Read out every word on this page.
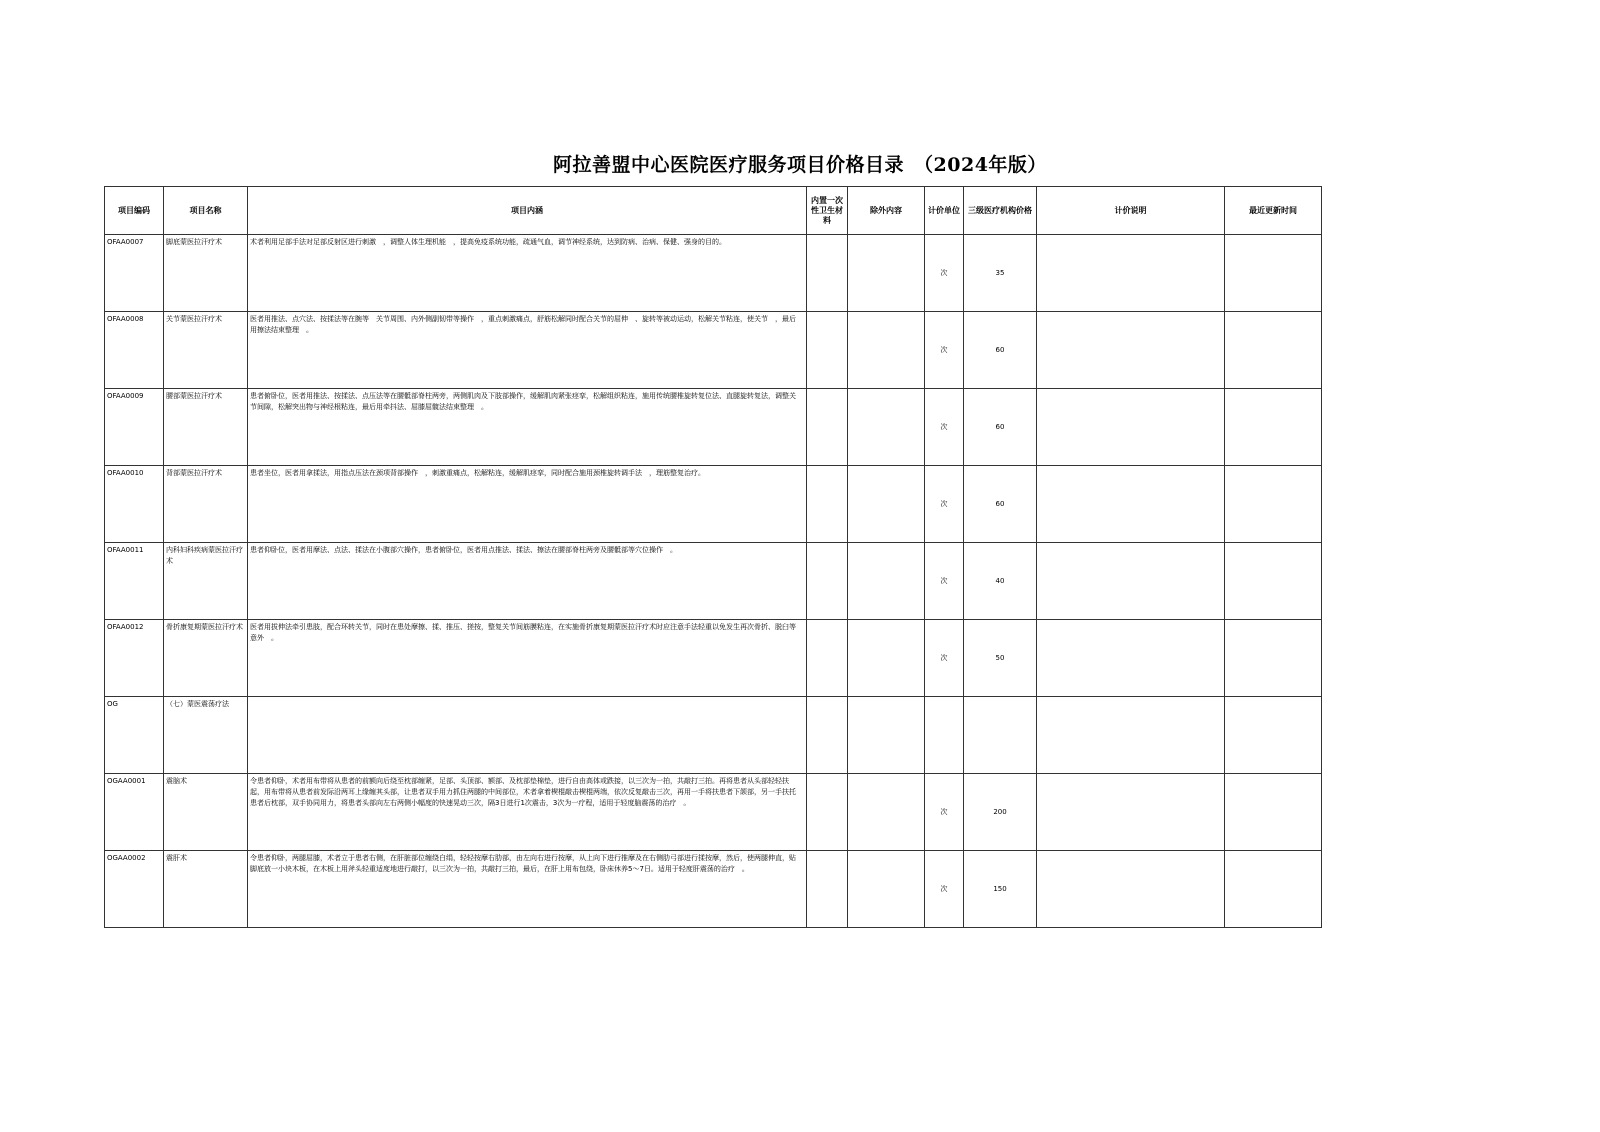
阿拉善盟中心医院医疗服务项目价格目录　（2024年版）
项目编码	项目名称	项目内涵	内置一次性卫生材料	除外内容	计价单位	三级医疗机构价格	计价说明	最近更新时间
OFAA0007	脚底蒙医拉汗疗术	术者利用足部手法对足部反射区进行刺激　，调整人体生理机能　，提高免疫系统功能，疏通气血，调节神经系统，达到防病、治病、保健、强身的目的。			次	35		
OFAA0008	关节蒙医拉汗疗术	医者用推法、点穴法、按揉法等在腕等　关节周围、内外侧副韧带等操作　，重点刺激痛点，舒筋松解同时配合关节的屈伸　、旋转等被动运动，松解关节粘连，使关节　，最后用擦法结束整理　。			次	60		
OFAA0009	腰部蒙医拉汗疗术	患者俯卧位，医者用推法、按揉法、点压法等在腰骶部脊柱两旁，两侧肌肉及下肢部操作，缓解肌肉紧张痉挛，松解组织粘连，施用传统腰椎旋转复位法、直腿旋转复法，调整关节间隙，松解突出物与神经根粘连，最后用牵抖法、屈膝屈髋法结束整理　。			次	60		
OFAA0010	背部蒙医拉汗疗术	患者坐位，医者用拿揉法，用指点压法在颈项背部操作　，刺激重痛点，松解粘连，缓解肌痉挛，同时配合施用颈椎旋转调手法　，理筋整复治疗。			次	60		
OFAA0011	内科妇科疾病蒙医拉汗疗术	患者仰卧位，医者用摩法、点法、揉法在小腹部穴操作，患者俯卧位，医者用点推法、揉法、擦法在腰部脊柱两旁及腰骶部等穴位操作　。			次	40		
OFAA0012	骨折康复期蒙医拉汗疗术	医者用拔伸法牵引患肢，配合环转关节，同时在患处摩擦、揉、推压、搓按，整复关节间筋膜粘连，在实施骨折康复期蒙医拉汗疗术时应注意手法轻重以免发生再次骨折、脱臼等意外　。			次	50		
OG	（七）蒙医震荡疗法							
OGAA0001	震脑术	令患者仰卧，术者用布带将从患者的前额向后绕至枕部缠紧，足部、头顶部、额部、及枕部垫棉垫，进行自由高体或跌接，以三次为一拍，共敲打三拍。再将患者从头部轻轻扶起，用布带将从患者前发际沿两耳上缘缠其头部，让患者双手用力抓住两腿的中间部位，术者拿着楔棍敲击楔棍两端，依次反复敲击三次，再用一手将扶患者下颌部，另一手扶托患者后枕部，双手协同用力，将患者头部向左右两侧小幅度的快速晃动三次，隔3日进行1次震击，3次为一疗程，适用于轻度脑震荡的治疗　。			次	200		
OGAA0002	震肝术	令患者仰卧，两腿屈膝，术者立于患者右侧，在肝脏部位缠绕白绢，轻轻按摩右肋部，由左向右进行按摩，从上向下进行推摩及在右侧肋弓部进行揉按摩，然后，使两腿伸直，贴脚底放一小块木板，在木板上用斧头轻重适度地进行敲打，以三次为一拍，共敲打三拍，最后，在肝上用布包绕，卧床休养5～7日。适用于轻度肝震荡的治疗　。			次	150		
